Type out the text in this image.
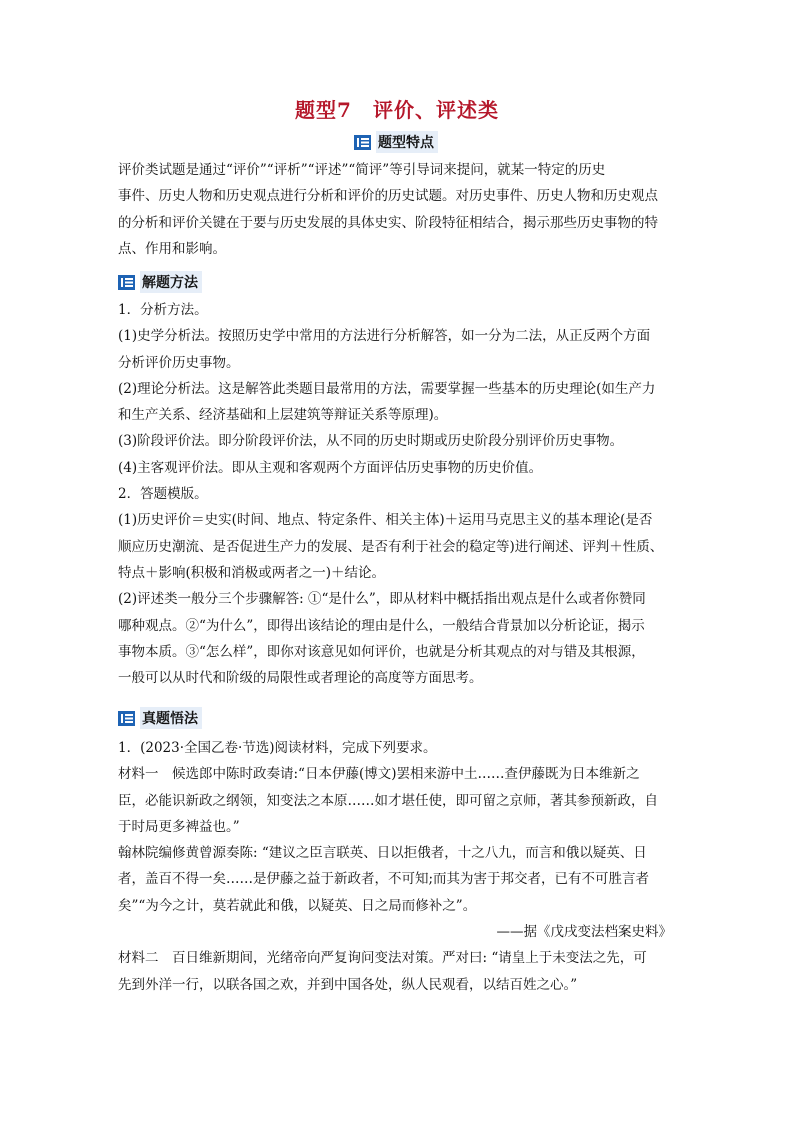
题型7　评价、评述类
题型特点

评价类试题是通过“评价”“评析”“评述”“简评”等引导词来提问，就某一特定的历史

事件、历史人物和历史观点进行分析和评价的历史试题。对历史事件、历史人物和历史观点

的分析和评价关键在于要与历史发展的具体史实、阶段特征相结合，揭示那些历史事物的特

点、作用和影响。

解题方法

1．分析方法。

(1)史学分析法。按照历史学中常用的方法进行分析解答，如一分为二法，从正反两个方面

分析评价历史事物。

(2)理论分析法。这是解答此类题目最常用的方法，需要掌握一些基本的历史理论(如生产力

和生产关系、经济基础和上层建筑等辩证关系等原理)。

(3)阶段评价法。即分阶段评价法，从不同的历史时期或历史阶段分别评价历史事物。

(4)主客观评价法。即从主观和客观两个方面评估历史事物的历史价值。

2．答题模版。

(1)历史评价＝史实(时间、地点、特定条件、相关主体)＋运用马克思主义的基本理论(是否

顺应历史潮流、是否促进生产力的发展、是否有利于社会的稳定等)进行阐述、评判＋性质、

特点＋影响(积极和消极或两者之一)＋结论。

(2)评述类一般分三个步骤解答: ①“是什么”，即从材料中概括指出观点是什么或者你赞同

哪种观点。②“为什么”，即得出该结论的理由是什么，一般结合背景加以分析论证，揭示

事物本质。③“怎么样”，即你对该意见如何评价，也就是分析其观点的对与错及其根源，

一般可以从时代和阶级的局限性或者理论的高度等方面思考。

真题悟法

1．(2023·全国乙卷·节选)阅读材料，完成下列要求。

材料一　候选郎中陈时政奏请:“日本伊藤(博文)罢相来游中土……查伊藤既为日本维新之

臣，必能识新政之纲领，知变法之本原……如才堪任使，即可留之京师，著其参预新政，自

于时局更多裨益也。”

翰林院编修黄曾源奏陈: “建议之臣言联英、日以拒俄者，十之八九，而言和俄以疑英、日

者，盖百不得一矣……是伊藤之益于新政者，不可知;而其为害于邦交者，已有不可胜言者

矣”“为今之计，莫若就此和俄，以疑英、日之局而修补之”。

——据《戊戌变法档案史料》

材料二　百日维新期间，光绪帝向严复询问变法对策。严对曰: “请皇上于未变法之先，可

先到外洋一行，以联各国之欢，并到中国各处，纵人民观看，以结百姓之心。”
